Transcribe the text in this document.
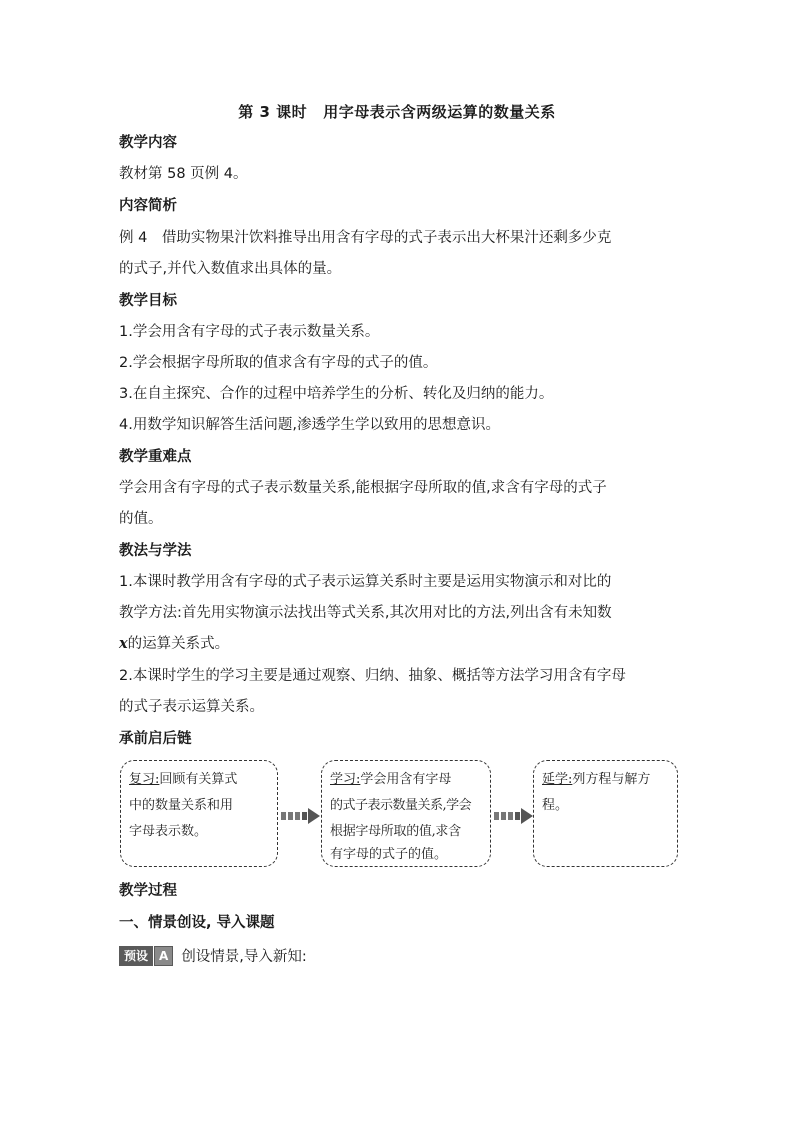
第 3 课时 用字母表示含两级运算的数量关系
教学内容
教材第 58 页例 4。
内容简析
例 4　借助实物果汁饮料推导出用含有字母的式子表示出大杯果汁还剩多少克
的式子,并代入数值求出具体的量。
教学目标
1.学会用含有字母的式子表示数量关系。
2.学会根据字母所取的值求含有字母的式子的值。
3.在自主探究、合作的过程中培养学生的分析、转化及归纳的能力。
4.用数学知识解答生活问题,渗透学生学以致用的思想意识。
教学重难点
学会用含有字母的式子表示数量关系,能根据字母所取的值,求含有字母的式子
的值。
教法与学法
1.本课时教学用含有字母的式子表示运算关系时主要是运用实物演示和对比的
教学方法:首先用实物演示法找出等式关系,其次用对比的方法,列出含有未知数
x的运算关系式。
2.本课时学生的学习主要是通过观察、归纳、抽象、概括等方法学习用含有字母
的式子表示运算关系。
承前启后链
复习:回顾有关算式
中的数量关系和用
字母表示数。
学习:学会用含有字母
的式子表示数量关系,学会
根据字母所取的值,求含
有字母的式子的值。
延学:列方程与解方
程。
教学过程
一、情景创设, 导入课题
预设 A 创设情景,导入新知:
